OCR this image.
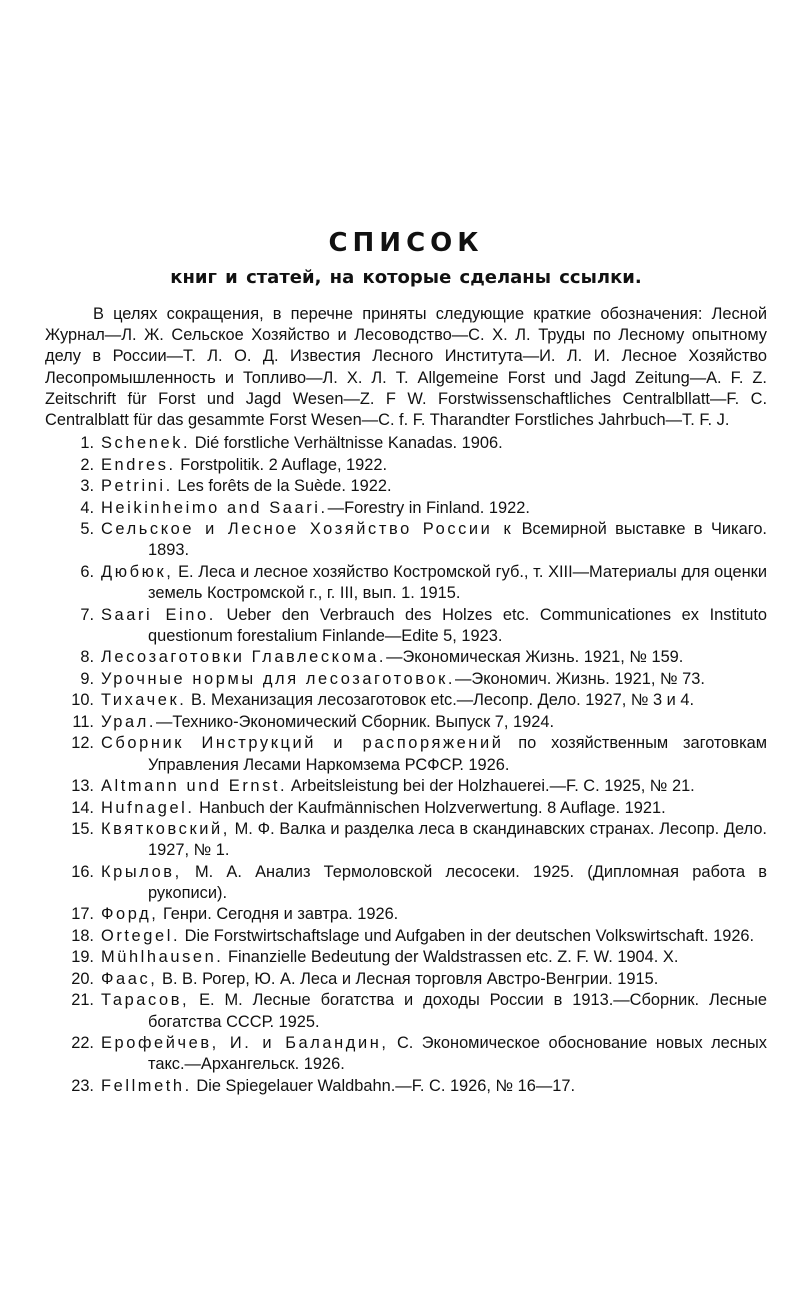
СПИСОК
книг и статей, на которые сделаны ссылки.

В целях сокращения, в перечне приняты следующие краткие обозначения: Лесной Журнал—Л. Ж. Сельское Хозяйство и Лесоводство—С. Х. Л. Труды по Лесному опытному делу в России—Т. Л. О. Д. Известия Лесного Института—И. Л. И. Лесное Хозяйство Лесопромышленность и Топливо—Л. Х. Л. Т. Allgemeine Forst und Jagd Zeitung—A. F. Z. Zeitschrift für Forst und Jagd Wesen—Z. F W. Forstwissenschaftliches Centralbllatt—F. C. Centralblatt für das gesammte Forst Wesen—C. f. F. Tharandter Forstliches Jahrbuch—T. F. J.

1. Schenek. Dié forstliche Verhältnisse Kanadas. 1906.
2. Endres. Forstpolitik. 2 Auflage, 1922.
3. Petrini. Les forêts de la Suède. 1922.
4. Heikinheimo and Saari.—Forestry in Finland. 1922.
5. Сельское и Лесное Хозяйство России к Всемирной выставке в Чикаго. 1893.
6. Дюбюк, Е. Леса и лесное хозяйство Костромской губ., т. XIII—Материалы для оценки земель Костромской г., г. III, вып. 1. 1915.
7. Saari Eino. Ueber den Verbrauch des Holzes etc. Communicationes ex Instituto questionum forestalium Finlande—Edite 5, 1923.
8. Лесозаготовки Главлескома.—Экономическая Жизнь. 1921, № 159.
9. Урочные нормы для лесозаготовок.—Экономич. Жизнь. 1921, № 73.
10. Тихачек. В. Механизация лесозаготовок etc.—Лесопр. Дело. 1927, № 3 и 4.
11. Урал.—Технико-Экономический Сборник. Выпуск 7, 1924.
12. Сборник Инструкций и распоряжений по хозяйственным заготовкам Управления Лесами Наркомзема РСФСР. 1926.
13. Altmann und Ernst. Arbeitsleistung bei der Holzhauerei.—F. C. 1925, № 21.
14. Hufnagel. Hanbuch der Kaufmännischen Holzverwertung. 8 Auflage. 1921.
15. Квятковский, М. Ф. Валка и разделка леса в скандинавских странах. Лесопр. Дело. 1927, № 1.
16. Крылов, М. А. Анализ Термоловской лесосеки. 1925. (Дипломная работа в рукописи).
17. Форд, Генри. Сегодня и завтра. 1926.
18. Ortegel. Die Forstwirtschaftslage und Aufgaben in der deutschen Volkswirtschaft. 1926.
19. Mühlhausen. Finanzielle Bedeutung der Waldstrassen etc. Z. F. W. 1904. X.
20. Фаас, В. В. Рогер, Ю. А. Леса и Лесная торговля Австро-Венгрии. 1915.
21. Тарасов, Е. М. Лесные богатства и доходы России в 1913.—Сборник. Лесные богатства СССР. 1925.
22. Ерофейчев, И. и Баландин, С. Экономическое обоснование новых лесных такс.—Архангельск. 1926.
23. Fellmeth. Die Spiegelauer Waldbahn.—F. C. 1926, № 16—17.
